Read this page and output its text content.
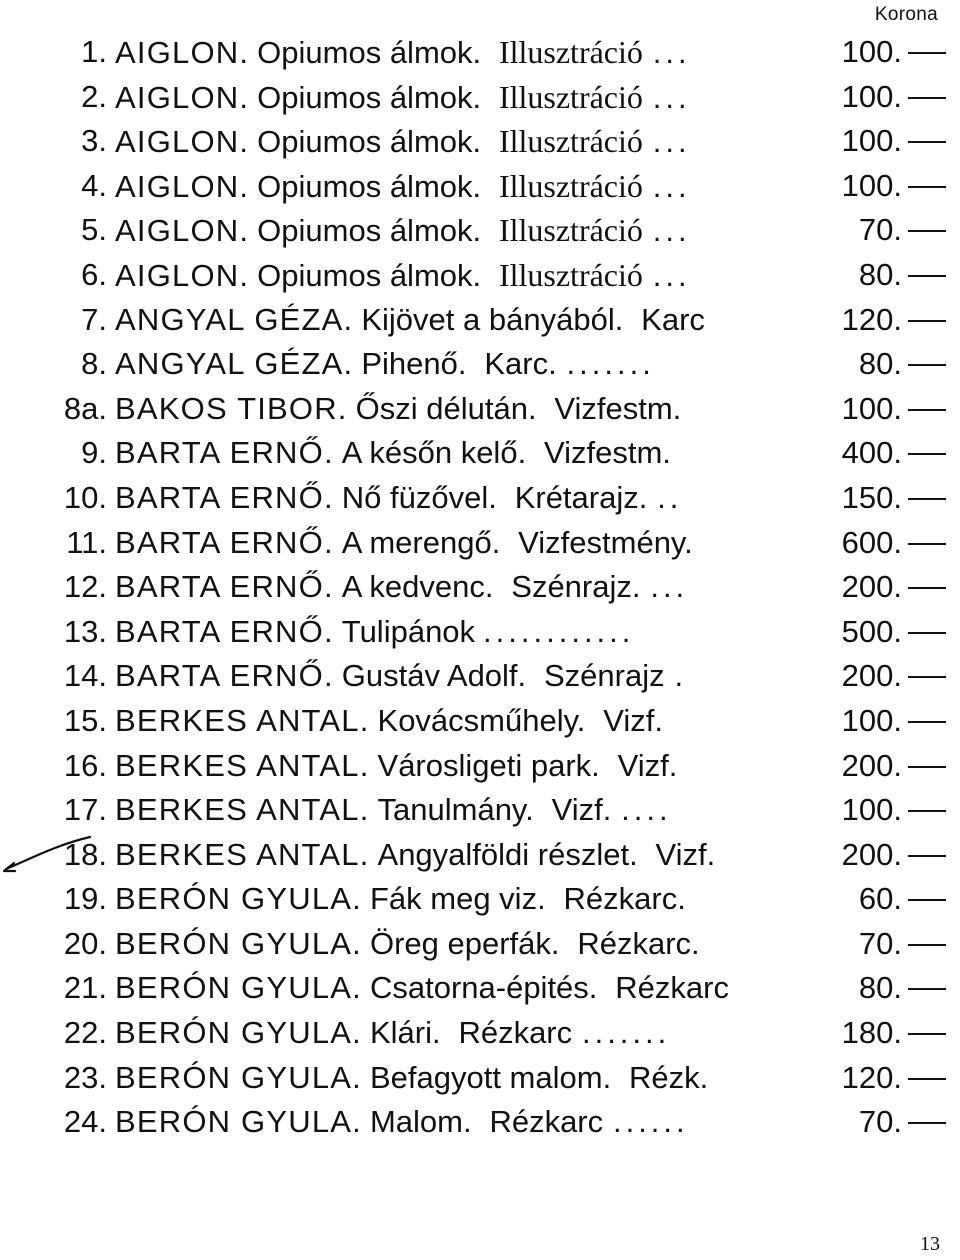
Korona
1. AIGLON. Opiumos álmok. Illusztráció ...	100.
2. AIGLON. Opiumos álmok. Illusztráció ...	100.
3. AIGLON. Opiumos álmok. Illusztráció ...	100.
4. AIGLON. Opiumos álmok. Illusztráció ...	100.
5. AIGLON. Opiumos álmok. Illusztráció ...	70.
6. AIGLON. Opiumos álmok. Illusztráció ...	80.
7. ANGYAL GÉZA. Kijövet a bányából. Karc	120.
8. ANGYAL GÉZA. Pihenő. Karc. .......	80.
8a. BAKOS TIBOR. Őszi délután. Vizfestm.	100.
9. BARTA ERNŐ. A későn kelő. Vizfestm.	400.
10. BARTA ERNŐ. Nő füzővel. Krétarajz. ..	150.
11. BARTA ERNŐ. A merengő. Vizfestmény.	600.
12. BARTA ERNŐ. A kedvenc. Szénrajz. ...	200.
13. BARTA ERNŐ. Tulipánok ............	500.
14. BARTA ERNŐ. Gustáv Adolf. Szénrajz .	200.
15. BERKES ANTAL. Kovácsműhely. Vizf.	100.
16. BERKES ANTAL. Városligeti park. Vizf.	200.
17. BERKES ANTAL. Tanulmány. Vizf. ....	100.
18. BERKES ANTAL. Angyalföldi részlet. Vizf.	200.
19. BERÓN GYULA. Fák meg viz. Rézkarc.	60.
20. BERÓN GYULA. Öreg eperfák. Rézkarc.	70.
21. BERÓN GYULA. Csatorna-épités. Rézkarc	80.
22. BERÓN GYULA. Klári. Rézkarc .......	180.
23. BERÓN GYULA. Befagyott malom. Rézk.	120.
24. BERÓN GYULA. Malom. Rézkarc ......	70.
13
